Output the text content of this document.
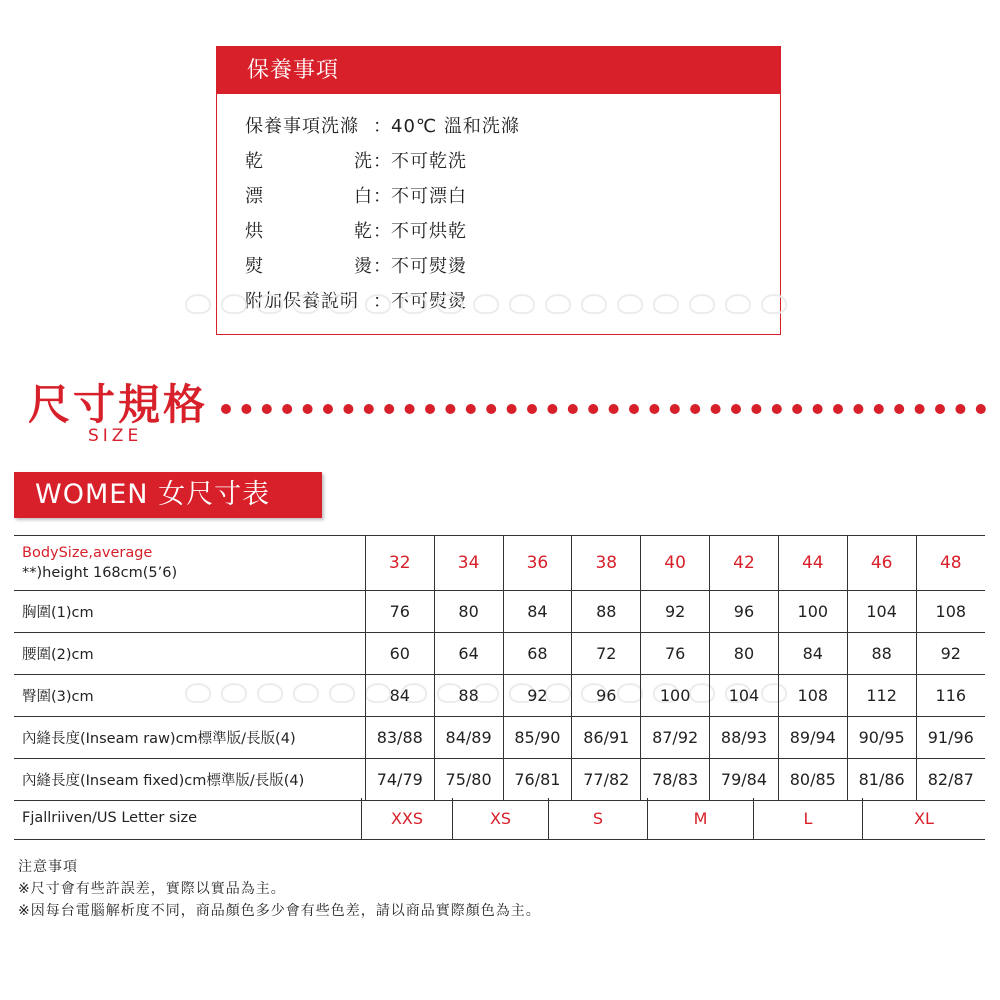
保養事項
保養事項洗滌 ： 40℃ 溫和洗滌
乾	洗 ： 不可乾洗
漂	白 ： 不可漂白
烘	乾 ： 不可烘乾
熨	燙 ： 不可熨燙
附加保養說明 ： 不可熨燙
尺寸規格
SIZE
WOMEN 女尺寸表
BodySize,average
**)height 168cm(5’6)	32	34	36	38	40	42	44	46	48
胸圍(1)cm	76	80	84	88	92	96	100	104	108
腰圍(2)cm	60	64	68	72	76	80	84	88	92
臀圍(3)cm	84	88	92	96	100	104	108	112	116
內縫長度(Inseam raw)cm標準版/長版(4)	83/88	84/89	85/90	86/91	87/92	88/93	89/94	90/95	91/96
內縫長度(Inseam fixed)cm標準版/長版(4)	74/79	75/80	76/81	77/82	78/83	79/84	80/85	81/86	82/87
Fjallriiven/US Letter size	XXS	XS	S	M	L	XL
注意事項
※尺寸會有些許誤差，實際以實品為主。
※因每台電腦解析度不同，商品顏色多少會有些色差，請以商品實際顏色為主。
